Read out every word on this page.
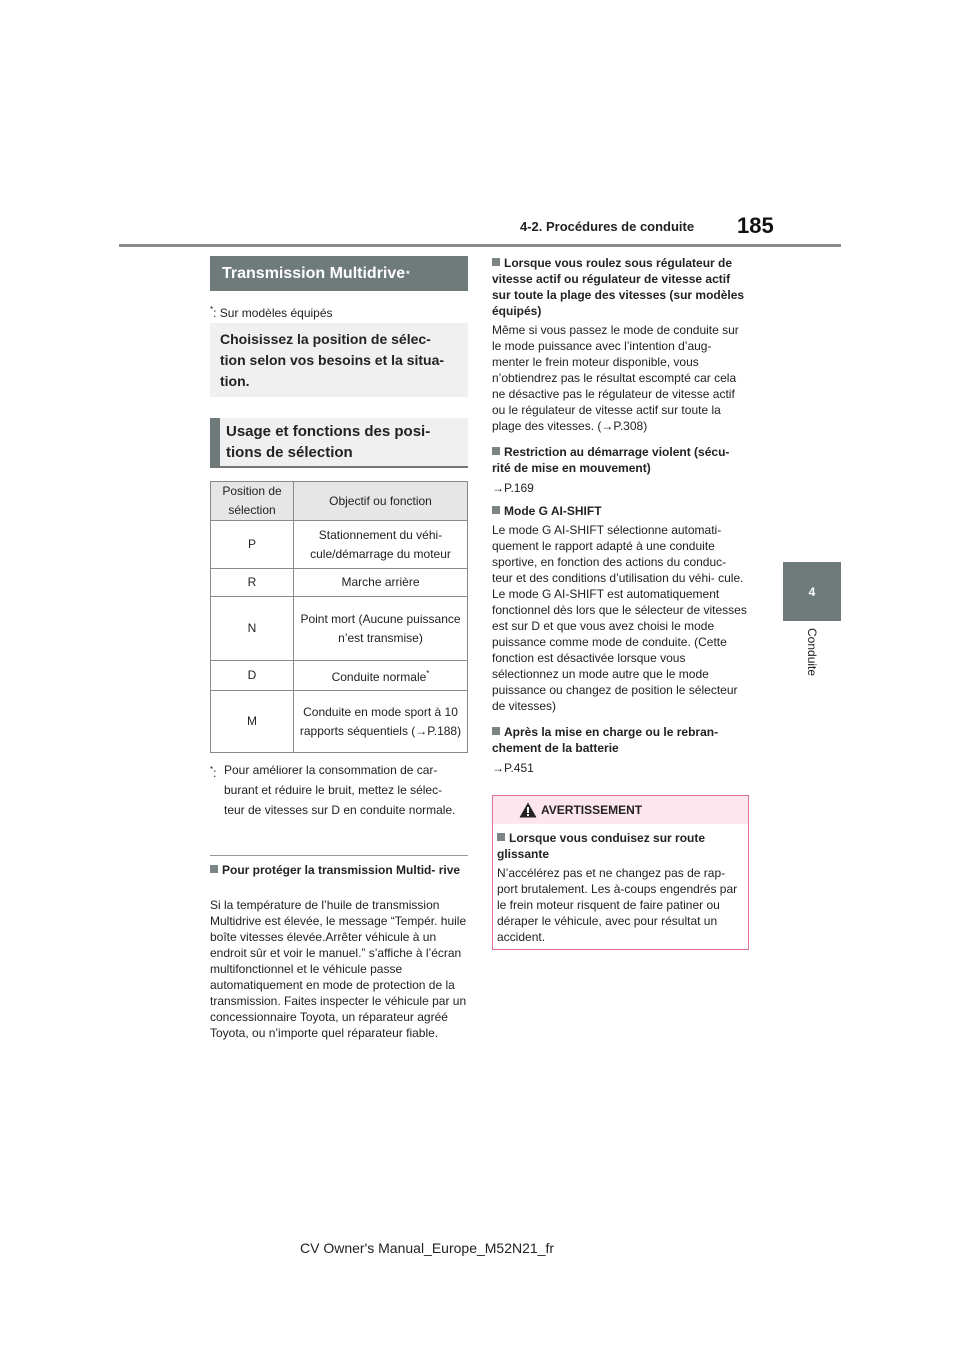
4-2. Procédures de conduite 185
4
Conduite
Transmission Multidrive *
*: Sur modèles équipés
Choisissez la position de sélec- tion selon vos besoins et la situa- tion.
Usage et fonctions des posi- tions de sélection
Position de sélection	Objectif ou fonction
P	Stationnement du véhi- cule/démarrage du moteur
R	Marche arrière
N	Point mort (Aucune puissance n’est transmise)
D	Conduite normale*
M	Conduite en mode sport à 10 rapports séquentiels (→P.188)
*: Pour améliorer la consommation de car- burant et réduire le bruit, mettez le sélec- teur de vitesses sur D en conduite normale.
Pour protéger la transmission Multid- rive
Si la température de l’huile de transmission Multidrive est élevée, le message “Tempér. huile boîte vitesses élevée.Arrêter véhicule à un endroit sûr et voir le manuel.” s’affiche à l’écran multifonctionnel et le véhicule passe automatiquement en mode de protection de la transmission. Faites inspecter le véhicule par un concessionnaire Toyota, un réparateur agréé Toyota, ou n’importe quel réparateur fiable.
Lorsque vous roulez sous régulateur de vitesse actif ou régulateur de vitesse actif sur toute la plage des vitesses (sur modèles équipés)
Même si vous passez le mode de conduite sur le mode puissance avec l’intention d’aug- menter le frein moteur disponible, vous n’obtiendrez pas le résultat escompté car cela ne désactive pas le régulateur de vitesse actif ou le régulateur de vitesse actif sur toute la plage des vitesses. (→P.308)
Restriction au démarrage violent (sécu- rité de mise en mouvement)
→P.169
Mode G AI-SHIFT
Le mode G AI-SHIFT sélectionne automati- quement le rapport adapté à une conduite sportive, en fonction des actions du conduc- teur et des conditions d’utilisation du véhi- cule. Le mode G AI-SHIFT est automatiquement fonctionnel dès lors que le sélecteur de vitesses est sur D et que vous avez choisi le mode puissance comme mode de conduite. (Cette fonction est désactivée lorsque vous sélectionnez un mode autre que le mode puissance ou changez de position le sélecteur de vitesses)
Après la mise en charge ou le rebran- chement de la batterie
→P.451
AVERTISSEMENT
Lorsque vous conduisez sur route glissante
N’accélérez pas et ne changez pas de rap- port brutalement. Les à-coups engendrés par le frein moteur risquent de faire patiner ou déraper le véhicule, avec pour résultat un accident.
CV Owner's Manual_Europe_M52N21_fr
